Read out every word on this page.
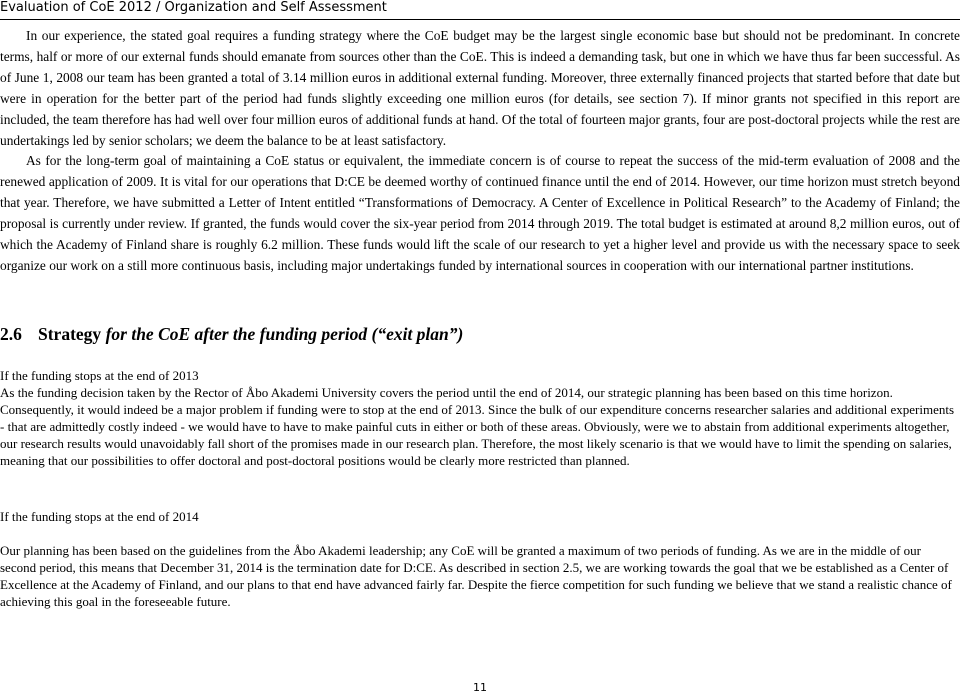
Evaluation of CoE 2012 / Organization and Self Assessment

In our experience, the stated goal requires a funding strategy where the CoE budget may be the largest single economic base but should not be predominant. In concrete terms, half or more of our external funds should emanate from sources other than the CoE. This is indeed a demanding task, but one in which we have thus far been successful. As of June 1, 2008 our team has been granted a total of 3.14 million euros in additional external funding. Moreover, three externally financed projects that started before that date but were in operation for the better part of the period had funds slightly exceeding one million euros (for details, see section 7). If minor grants not specified in this report are included, the team therefore has had well over four million euros of additional funds at hand. Of the total of fourteen major grants, four are post-doctoral projects while the rest are undertakings led by senior scholars; we deem the balance to be at least satisfactory.

As for the long-term goal of maintaining a CoE status or equivalent, the immediate concern is of course to repeat the success of the mid-term evaluation of 2008 and the renewed application of 2009. It is vital for our operations that D:CE be deemed worthy of continued finance until the end of 2014. However, our time horizon must stretch beyond that year. Therefore, we have submitted a Letter of Intent entitled “Transformations of Democracy. A Center of Excellence in Political Research” to the Academy of Finland; the proposal is currently under review. If granted, the funds would cover the six-year period from 2014 through 2019. The total budget is estimated at around 8,2 million euros, out of which the Academy of Finland share is roughly 6.2 million. These funds would lift the scale of our research to yet a higher level and provide us with the necessary space to seek organize our work on a still more continuous basis, including major undertakings funded by international sources in cooperation with our international partner institutions.

2.6 Strategy for the CoE after the funding period (“exit plan”)

If the funding stops at the end of 2013

As the funding decision taken by the Rector of Åbo Akademi University covers the period until the end of 2014, our strategic planning has been based on this time horizon. Consequently, it would indeed be a major problem if funding were to stop at the end of 2013. Since the bulk of our expenditure concerns researcher salaries and additional experiments - that are admittedly costly indeed - we would have to have to make painful cuts in either or both of these areas. Obviously, were we to abstain from additional experiments altogether, our research results would unavoidably fall short of the promises made in our research plan. Therefore, the most likely scenario is that we would have to limit the spending on salaries, meaning that our possibilities to offer doctoral and post-doctoral positions would be clearly more restricted than planned.

If the funding stops at the end of 2014

Our planning has been based on the guidelines from the Åbo Akademi leadership; any CoE will be granted a maximum of two periods of funding. As we are in the middle of our second period, this means that December 31, 2014 is the termination date for D:CE. As described in section 2.5, we are working towards the goal that we be established as a Center of Excellence at the Academy of Finland, and our plans to that end have advanced fairly far. Despite the fierce competition for such funding we believe that we stand a realistic chance of achieving this goal in the foreseeable future.

11
